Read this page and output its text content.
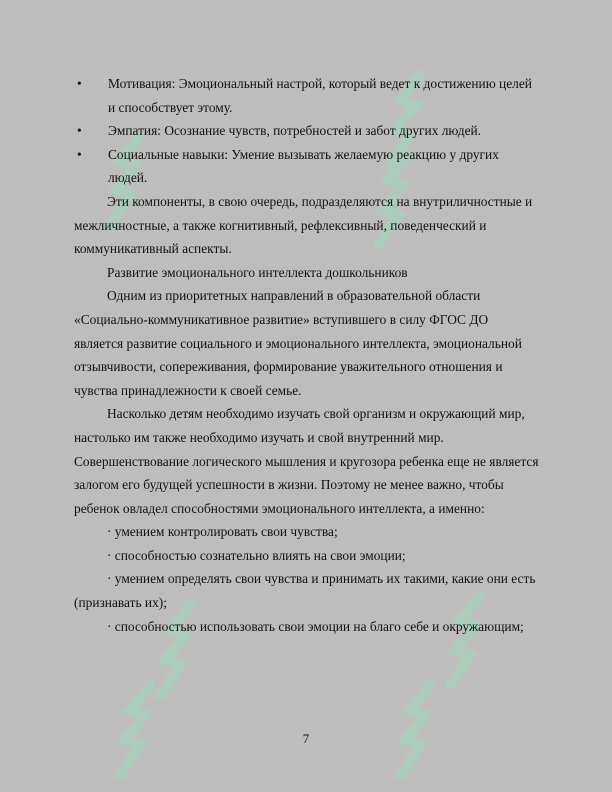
• Мотивация: Эмоциональный настрой, который ведет к достижению целей и способствует этому.
• Эмпатия: Осознание чувств, потребностей и забот других людей.
• Социальные навыки: Умение вызывать желаемую реакцию у других людей.

Эти компоненты, в свою очередь, подразделяются на внутриличностные и межличностные, а также когнитивный, рефлексивный, поведенческий и коммуникативный аспекты.

Развитие эмоционального интеллекта дошкольников

Одним из приоритетных направлений в образовательной области «Социально-коммуникативное развитие» вступившего в силу ФГОС ДО является развитие социального и эмоционального интеллекта, эмоциональной отзывчивости, сопереживания, формирование уважительного отношения и чувства принадлежности к своей семье.

Насколько детям необходимо изучать свой организм и окружающий мир, настолько им также необходимо изучать и свой внутренний мир. Совершенствование логического мышления и кругозора ребенка еще не является залогом его будущей успешности в жизни. Поэтому не менее важно, чтобы ребенок овладел способностями эмоционального интеллекта, а именно:

· умением контролировать свои чувства;

· способностью сознательно влиять на свои эмоции;

· умением определять свои чувства и принимать их такими, какие они есть (признавать их);

· способностью использовать свои эмоции на благо себе и окружающим;

7
